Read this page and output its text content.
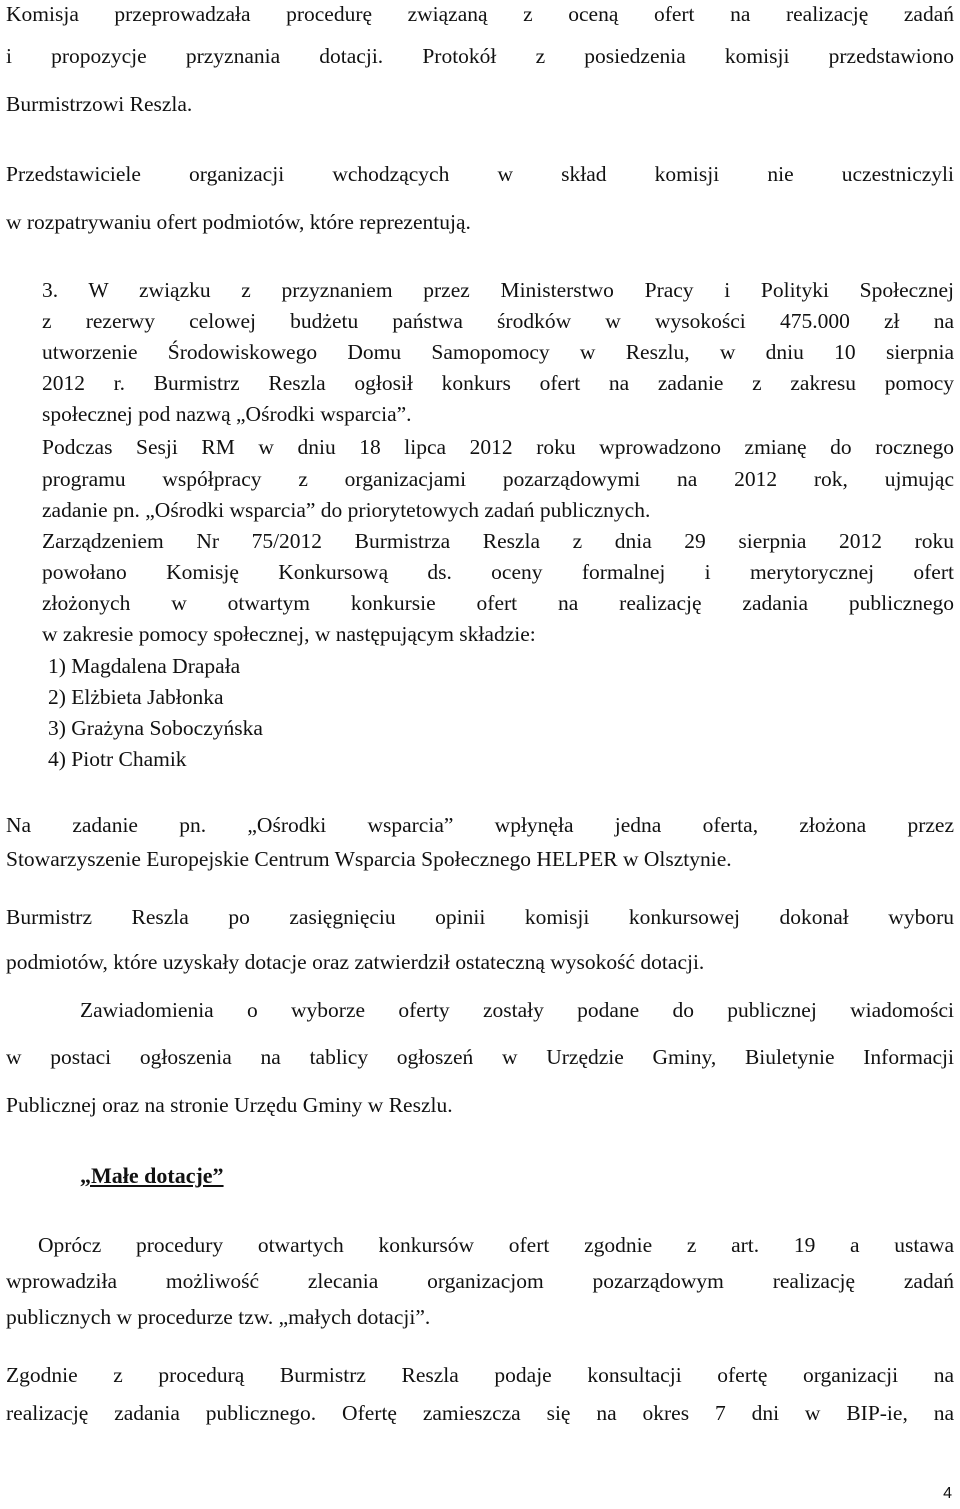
Komisja przeprowadzała procedurę związaną z oceną ofert na realizację zadań
i propozycje przyznania dotacji. Protokół z posiedzenia komisji przedstawiono
Burmistrzowi Reszla.
Przedstawiciele organizacji wchodzących w skład komisji nie uczestniczyli
w rozpatrywaniu ofert podmiotów, które reprezentują.
3. W związku z przyznaniem przez Ministerstwo Pracy i Polityki Społecznej
z rezerwy celowej budżetu państwa środków w wysokości 475.000 zł na
utworzenie Środowiskowego Domu Samopomocy w Reszlu, w dniu 10 sierpnia
2012 r. Burmistrz Reszla ogłosił konkurs ofert na zadanie z zakresu pomocy
społecznej pod nazwą „Ośrodki wsparcia”.
Podczas Sesji RM w dniu 18 lipca 2012 roku wprowadzono zmianę do rocznego
programu współpracy z organizacjami pozarządowymi na 2012 rok, ujmując
zadanie pn. „Ośrodki wsparcia” do priorytetowych zadań publicznych.
Zarządzeniem Nr 75/2012 Burmistrza Reszla z dnia 29 sierpnia 2012 roku
powołano Komisję Konkursową ds. oceny formalnej i merytorycznej ofert
złożonych w otwartym konkursie ofert na realizację zadania publicznego
w zakresie pomocy społecznej, w następującym składzie:
1) Magdalena Drapała
2) Elżbieta Jabłonka
3) Grażyna Soboczyńska
4) Piotr Chamik
Na zadanie pn. „Ośrodki wsparcia” wpłynęła jedna oferta, złożona przez
Stowarzyszenie Europejskie Centrum Wsparcia Społecznego HELPER w Olsztynie.
Burmistrz Reszla po zasięgnięciu opinii komisji konkursowej dokonał wyboru
podmiotów, które uzyskały dotacje oraz zatwierdził ostateczną wysokość dotacji.
Zawiadomienia o wyborze oferty zostały podane do publicznej wiadomości
w postaci ogłoszenia na tablicy ogłoszeń w Urzędzie Gminy, Biuletynie Informacji
Publicznej oraz na stronie Urzędu Gminy w Reszlu.
„Małe dotacje”
Oprócz procedury otwartych konkursów ofert zgodnie z art. 19 a ustawa
wprowadziła możliwość zlecania organizacjom pozarządowym realizację zadań
publicznych w procedurze tzw. „małych dotacji”.
Zgodnie z procedurą Burmistrz Reszla podaje konsultacji ofertę organizacji na
realizację zadania publicznego. Ofertę zamieszcza się na okres 7 dni w BIP-ie, na
4
